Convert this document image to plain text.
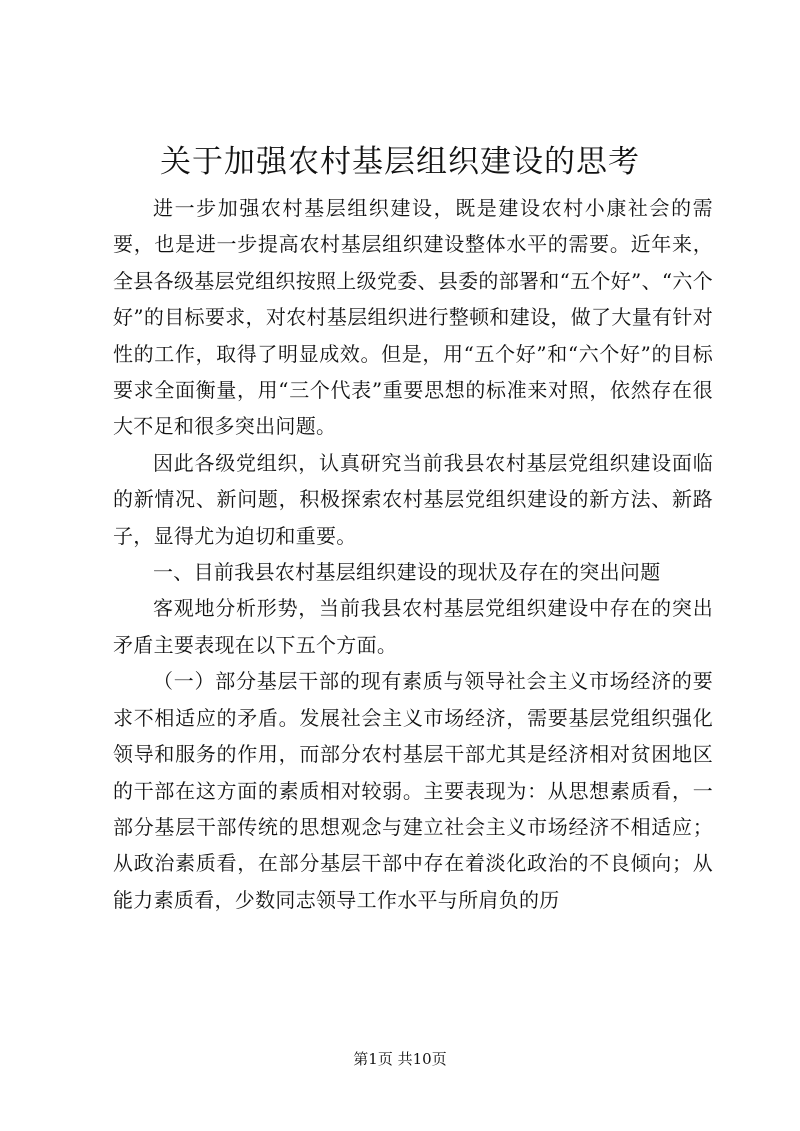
关于加强农村基层组织建设的思考

进一步加强农村基层组织建设，既是建设农村小康社会的需要，也是进一步提高农村基层组织建设整体水平的需要。近年来，全县各级基层党组织按照上级党委、县委的部署和“五个好”、“六个好”的目标要求，对农村基层组织进行整顿和建设，做了大量有针对性的工作，取得了明显成效。但是，用“五个好”和“六个好”的目标要求全面衡量，用“三个代表”重要思想的标准来对照，依然存在很大不足和很多突出问题。

因此各级党组织，认真研究当前我县农村基层党组织建设面临的新情况、新问题，积极探索农村基层党组织建设的新方法、新路子，显得尤为迫切和重要。

一、目前我县农村基层组织建设的现状及存在的突出问题

客观地分析形势，当前我县农村基层党组织建设中存在的突出矛盾主要表现在以下五个方面。

（一）部分基层干部的现有素质与领导社会主义市场经济的要求不相适应的矛盾。发展社会主义市场经济，需要基层党组织强化领导和服务的作用，而部分农村基层干部尤其是经济相对贫困地区的干部在这方面的素质相对较弱。主要表现为：从思想素质看，一部分基层干部传统的思想观念与建立社会主义市场经济不相适应；从政治素质看，在部分基层干部中存在着淡化政治的不良倾向；从能力素质看，少数同志领导工作水平与所肩负的历

第1页 共10页
